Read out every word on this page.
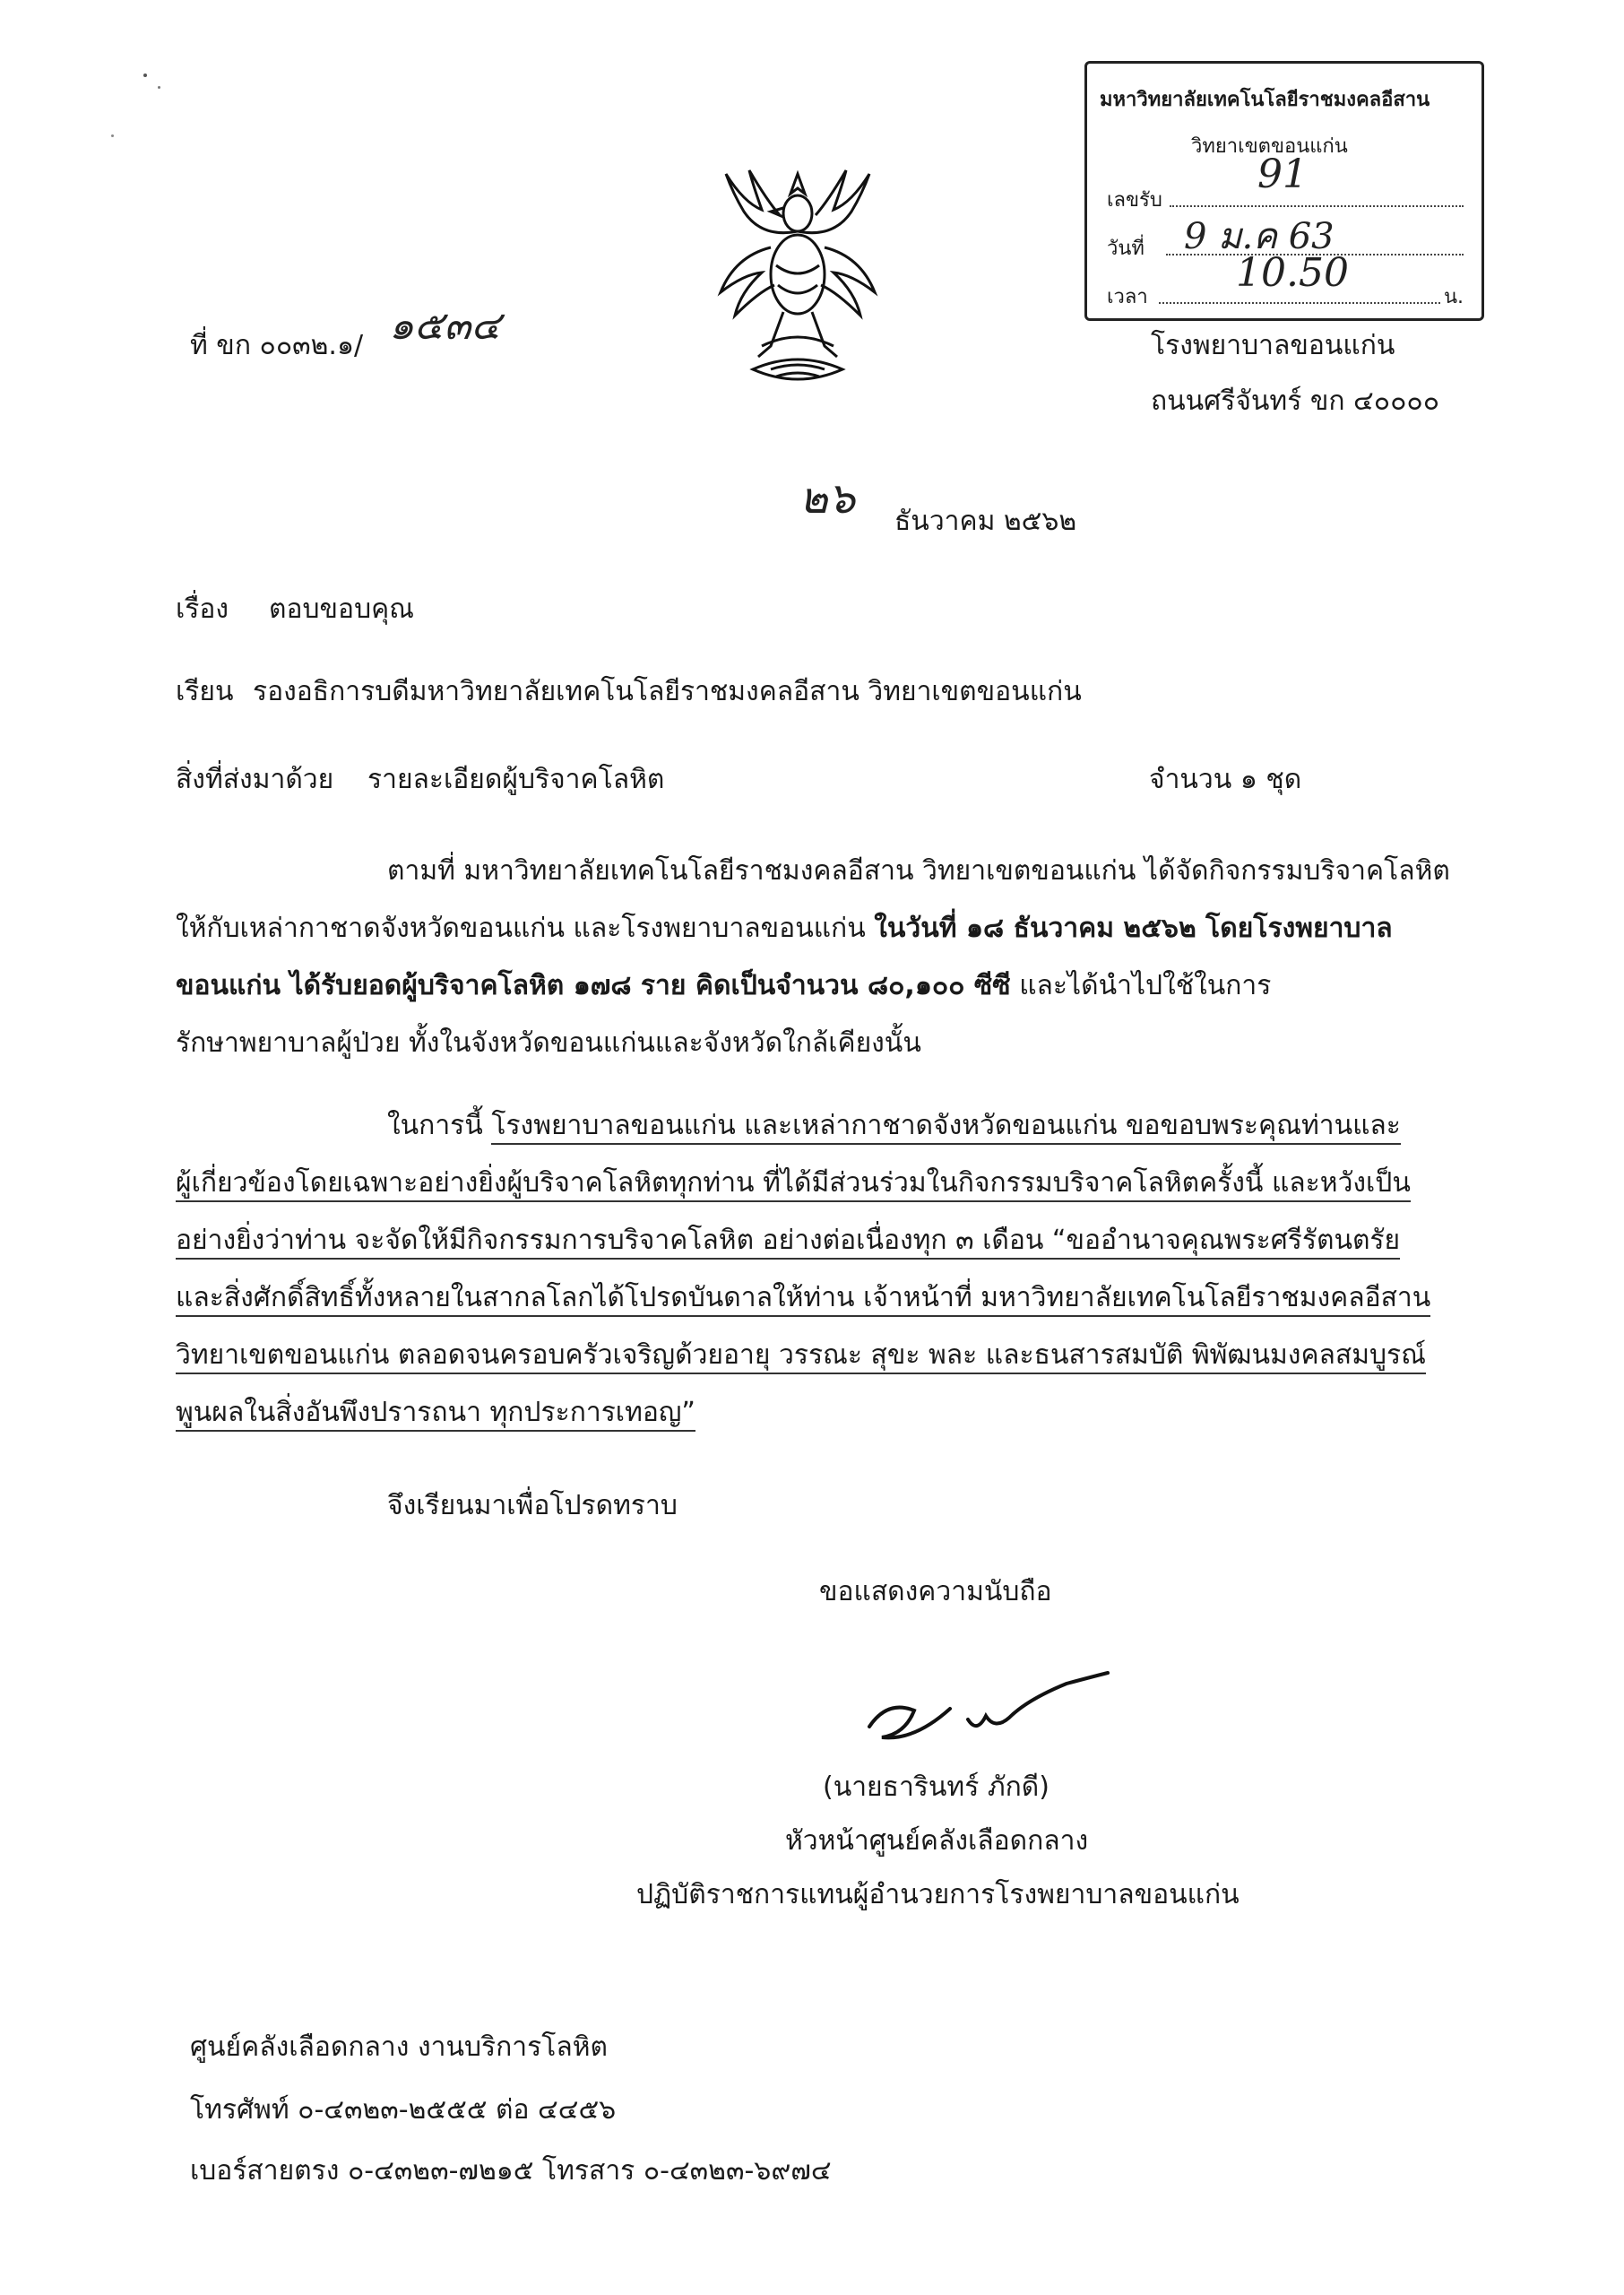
มหาวิทยาลัยเทคโนโลยีราชมงคลอีสาน
วิทยาเขตขอนแก่น
เลขรับ
91
วันที่ 9 ม.ค 63
เวลา
10.50
น.
ที่ ขก ๐๐๓๒.๑/ ๑๕๓๔	โรงพยาบาลขอนแก่น
ถนนศรีจันทร์ ขก ๔๐๐๐๐
๒๖ ธันวาคม ๒๕๖๒
เรื่อง ตอบขอบคุณ
เรียน รองอธิการบดีมหาวิทยาลัยเทคโนโลยีราชมงคลอีสาน วิทยาเขตขอนแก่น
สิ่งที่ส่งมาด้วย รายละเอียดผู้บริจาคโลหิต	จำนวน ๑ ชุด
ตามที่ มหาวิทยาลัยเทคโนโลยีราชมงคลอีสาน วิทยาเขตขอนแก่น ได้จัดกิจกรรมบริจาคโลหิต
ให้กับเหล่ากาชาดจังหวัดขอนแก่น และโรงพยาบาลขอนแก่น ในวันที่ ๑๘ ธันวาคม ๒๕๖๒ โดยโรงพยาบาล
ขอนแก่น ได้รับยอดผู้บริจาคโลหิต ๑๗๘ ราย คิดเป็นจำนวน ๘๐,๑๐๐ ซีซี และได้นำไปใช้ในการ
รักษาพยาบาลผู้ป่วย ทั้งในจังหวัดขอนแก่นและจังหวัดใกล้เคียงนั้น
ในการนี้ โรงพยาบาลขอนแก่น และเหล่ากาชาดจังหวัดขอนแก่น ขอขอบพระคุณท่านและ
ผู้เกี่ยวข้องโดยเฉพาะอย่างยิ่งผู้บริจาคโลหิตทุกท่าน ที่ได้มีส่วนร่วมในกิจกรรมบริจาคโลหิตครั้งนี้ และหวังเป็น
อย่างยิ่งว่าท่าน จะจัดให้มีกิจกรรมการบริจาคโลหิต อย่างต่อเนื่องทุก ๓ เดือน “ขออำนาจคุณพระศรีรัตนตรัย
และสิ่งศักดิ์สิทธิ์ทั้งหลายในสากลโลกได้โปรดบันดาลให้ท่าน เจ้าหน้าที่ มหาวิทยาลัยเทคโนโลยีราชมงคลอีสาน
วิทยาเขตขอนแก่น ตลอดจนครอบครัวเจริญด้วยอายุ วรรณะ สุขะ พละ และธนสารสมบัติ พิพัฒนมงคลสมบูรณ์
พูนผลในสิ่งอันพึงปรารถนา ทุกประการเทอญ”
จึงเรียนมาเพื่อโปรดทราบ
ขอแสดงความนับถือ
(นายธารินทร์ ภักดี)
หัวหน้าศูนย์คลังเลือดกลาง
ปฏิบัติราชการแทนผู้อำนวยการโรงพยาบาลขอนแก่น
ศูนย์คลังเลือดกลาง งานบริการโลหิต
โทรศัพท์ ๐-๔๓๒๓-๒๕๕๕ ต่อ ๔๔๕๖
เบอร์สายตรง ๐-๔๓๒๓-๗๒๑๕ โทรสาร ๐-๔๓๒๓-๖๙๗๔
